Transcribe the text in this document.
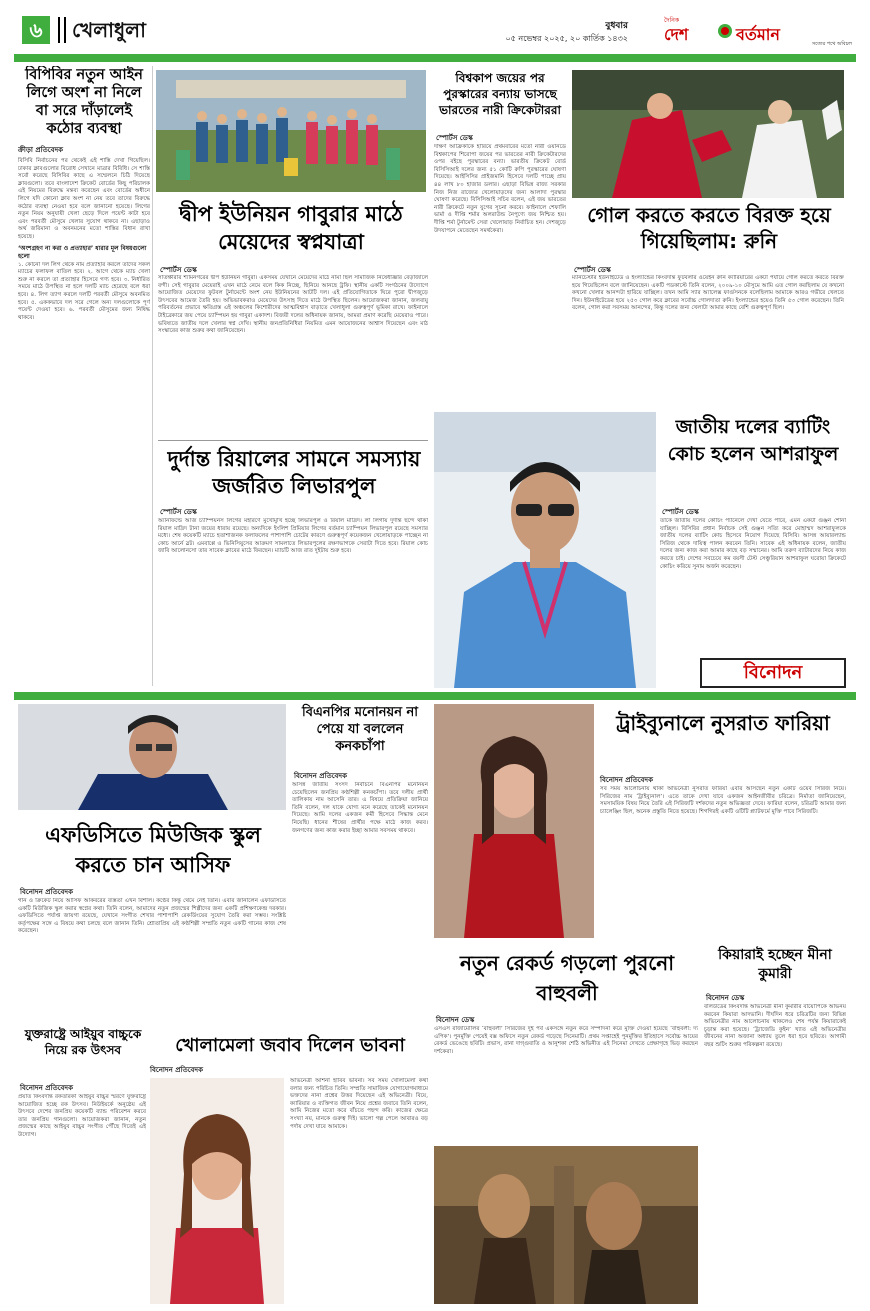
৬	খেলাধুলা	বুধবার
০৫ নভেম্বর ২০২৫, ২০ কার্তিক ১৪৩২
দৈনিক
দেশ	বর্তমান	সত্যের পথে অবিচল
বিপিবির নতুন আইন লিগে অংশ না নিলে বা সরে দাঁড়ালেই কঠোর ব্যবস্থা
ক্রীড়া প্রতিবেদক
বিসিবি নির্বাচনের পর থেকেই এই শাস্তি দেখা গিয়েছিল। ঢাকার ক্লাবগুলোর বিরোধ সেখানে মাত্রার বিবিধি। সে শাস্তি সর্বো করেছে বিসিবির কাছে এ সম্মেলনে চিঠি দিয়েছে ক্লাবগুলো। তবে বাংলাদেশ ক্রিকেট বোর্ডের কিছু পরিচালক এই নিয়মের বিরুদ্ধে মন্তব্য করেছেন এবং বোর্ডের অধীনে লিগে যদি কোনো ক্লাব অংশ না নেয় তবে তাদের বিরুদ্ধে কঠোর ব্যবস্থা নেওয়া হবে বলে জানানো হয়েছে। লিগের নতুন নিয়ম অনুযায়ী খেলা ছেড়ে দিলে পয়েন্ট কাটা হবে এবং পরবর্তী মৌসুমে খেলার সুযোগ থাকবে না। এছাড়াও অর্থ জরিমানা ও অবনমনের মতো শাস্তির বিধান রাখা হয়েছে।
‘অংশগ্রহণ না করা ও প্রত্যাহার’ ধারার মূল বিষয়গুলো হলো
১. কোনো দল লিগ থেকে নাম প্রত্যাহার করলে তাদের সকল ম্যাচের ফলাফল বাতিল হবে। ২. আগে থেকে ম্যাচ খেলা শুরু না করলে তা প্রত্যাহার হিসেবে গণ্য হবে। ৩. নির্ধারিত সময়ে মাঠে উপস্থিত না হলে দলটি ম্যাচ হেরেছে বলে ধরা হবে। ৪. লিগ ত্যাগ করলে দলটি পরবর্তী মৌসুমে অবনমিত হবে। ৫. এককভাবে দল সরে গেলে অন্য দলগুলোকে পূর্ণ পয়েন্ট দেওয়া হবে। ৬. পরবর্তী মৌসুমের জন্য নিষিদ্ধ থাকবে।
দ্বীপ ইউনিয়ন গাবুরার মাঠে মেয়েদের স্বপ্নযাত্রা
স্পোর্টস ডেস্ক
সাতক্ষীরার শ্যামনগরের দ্বীপ ইউনিয়ন গাবুরা। একসময় যেখানে মেয়েদের মাঠে নামা ছিল সামাজিক নিষেধাজ্ঞার বেড়াজালে বন্দী। সেই গাবুরার মেয়েরাই এখন মাঠে নেমে বলে কিক নিচ্ছে, ছিনিয়ে আনছে ট্রফি। স্থানীয় একটি সংগঠনের উদ্যোগে আয়োজিত মেয়েদের ফুটবল টুর্নামেন্টে অংশ নেয় ইউনিয়নের আটটি দল। এই প্রতিযোগিতাকে ঘিরে পুরো দ্বীপজুড়ে উৎসবের আমেজ তৈরি হয়। অভিভাবকরাও মেয়েদের উৎসাহ দিতে মাঠে উপস্থিত ছিলেন। আয়োজকরা জানান, জলবায়ু পরিবর্তনের প্রভাবে ক্ষতিগ্রস্ত এই অঞ্চলের কিশোরীদের আত্মবিশ্বাস বাড়াতে খেলাধুলা গুরুত্বপূর্ণ ভূমিকা রাখে। ফাইনালে টাইব্রেকারে জয় পেয়ে চ্যাম্পিয়ন হয় গাবুরা একাদশ। বিজয়ী দলের অধিনায়ক জানায়, আমরা প্রমাণ করেছি মেয়েরাও পারে। ভবিষ্যতে জাতীয় দলে খেলার স্বপ্ন দেখি। স্থানীয় জনপ্রতিনিধিরা নিয়মিত এমন আয়োজনের আশ্বাস দিয়েছেন এবং মাঠ সংস্কারের কাজ শুরুর কথা জানিয়েছেন।
বিশ্বকাপ জয়ের পর পুরস্কারের বন্যায় ভাসছে ভারতের নারী ক্রিকেটাররা
স্পোর্টস ডেস্ক
দক্ষিণ আফ্রিকাকে হারিয়ে প্রথমবারের মতো নারী ওয়ানডে বিশ্বকাপের শিরোপা জয়ের পর ভারতের নারী ক্রিকেটারদের ওপর বইছে পুরস্কারের বন্যা। ভারতীয় ক্রিকেট বোর্ড বিসিসিআই দলের জন্য ৫১ কোটি রুপি পুরস্কারের ঘোষণা দিয়েছে। আইসিসির প্রাইজমানি হিসেবে দলটি পাচ্ছে প্রায় ৪৪ লাখ ৮০ হাজার ডলার। এছাড়া বিভিন্ন রাজ্য সরকার নিজ নিজ রাজ্যের খেলোয়াড়দের জন্য আলাদা পুরস্কার ঘোষণা করেছে। বিসিসিআই সচিব বলেন, এই জয় ভারতের নারী ক্রিকেটে নতুন যুগের সূচনা করবে। ফাইনালে শেফালি ভার্মা ও দীপ্তি শর্মার অলরাউন্ড নৈপুণ্যে জয় নিশ্চিত হয়। দীপ্তি শর্মা টুর্নামেন্ট সেরা খেলোয়াড় নির্বাচিত হন। দেশজুড়ে উদযাপনে মেতেছেন সমর্থকেরা।
গোল করতে করতে বিরক্ত হয়ে গিয়েছিলাম: রুনি
স্পোর্টস ডেস্ক
ম্যানচেস্টার ইউনাইটেড ও ইংল্যান্ডের কিংবদন্তি ফুটবলার ওয়েইন রুনি ক্যারিয়ারের একটা পর্যায়ে গোল করতে করতে বিরক্ত হয়ে গিয়েছিলেন বলে জানিয়েছেন। একটি পডকাস্টে তিনি বলেন, ২০০৯-১০ মৌসুমে আমি এত গোল করছিলাম যে কখনো কখনো খেলার আনন্দটা হারিয়ে যাচ্ছিল। তখন আমি স্যার অ্যালেক্স ফার্গুসনকে বলেছিলাম আমাকে আরও গভীরে খেলতে দিন। ইউনাইটেডের হয়ে ২৫৩ গোল করে ক্লাবের সর্বোচ্চ গোলদাতা রুনি। ইংল্যান্ডের হয়েও তিনি ৫৩ গোল করেছেন। তিনি বলেন, গোল করা সবসময় আনন্দের, কিন্তু দলের জন্য খেলাটা আমার কাছে বেশি গুরুত্বপূর্ণ ছিল।
দুর্দান্ত রিয়ালের সামনে সমস্যায় জর্জরিত লিভারপুল
স্পোর্টস ডেস্ক
অ্যানফিল্ডে আজ চ্যাম্পিয়নস লিগের মহারণে মুখোমুখি হচ্ছে লিভারপুল ও রিয়াল মাদ্রিদ। লা লিগায় দুর্দান্ত ছন্দে থাকা রিয়াল মাদ্রিদ টানা জয়ের ধারায় রয়েছে। অন্যদিকে ইংলিশ প্রিমিয়ার লিগের বর্তমান চ্যাম্পিয়ন লিভারপুল রয়েছে সমস্যার মধ্যে। শেষ কয়েকটি ম্যাচে হতাশাজনক ফলাফলের পাশাপাশি চোটের কারণে গুরুত্বপূর্ণ কয়েকজন খেলোয়াড়কে পাচ্ছেন না কোচ আর্নে স্লট। এমবাপ্পে ও ভিনিসিয়ুসের আক্রমণ সামলাতে লিভারপুলের রক্ষণভাগকে সেরাটা দিতে হবে। রিয়াল কোচ জাবি আলোনসো তার সাবেক ক্লাবের মাঠে ফিরছেন। ম্যাচটি আজ রাত দুইটায় শুরু হবে।
জাতীয় দলের ব্যাটিং কোচ হলেন আশরাফুল
স্পোর্টস ডেস্ক
তাকে জাতীয় দলের কোচিং প্যানেলে দেখা যেতে পারে, এমন একটা গুঞ্জন শোনা যাচ্ছিল। বিসিবির প্রধান নির্বাচক সেই গুঞ্জন সত্যি করে মোহাম্মদ আশরাফুলকে জাতীয় দলের ব্যাটিং কোচ হিসেবে নিয়োগ দিয়েছে বিসিবি। আসন্ন আয়ারল্যান্ড সিরিজ থেকে দায়িত্ব পালন করবেন তিনি। সাবেক এই অধিনায়ক বলেন, জাতীয় দলের জন্য কাজ করা আমার কাছে বড় সম্মানের। আমি তরুণ ব্যাটারদের নিয়ে কাজ করতে চাই। দেশের সবচেয়ে কম বয়সী টেস্ট সেঞ্চুরিয়ান আশরাফুল ঘরোয়া ক্রিকেটে কোচিং করিয়ে সুনাম অর্জন করেছেন।
বিনোদন
এফডিসিতে মিউজিক স্কুল করতে চান আসিফ
বিনোদন প্রতিবেদক
গান ও ক্রিকেট নিয়ে আসিফ আকবরের ব্যস্ততা এখন বিশাল। কণ্ঠের কিন্তু থেমে নেই তিনি। এবার জানালেন এফডিসিতে একটি মিউজিক স্কুল করার স্বপ্নের কথা। তিনি বলেন, আমাদের নতুন প্রজন্মের শিল্পীদের জন্য একটি প্রশিক্ষণকেন্দ্র দরকার। এফডিসিতে পর্যাপ্ত জায়গা রয়েছে, যেখানে সংগীত শেখার পাশাপাশি রেকর্ডিংয়ের সুযোগ তৈরি করা সম্ভব। সংশ্লিষ্ট কর্তৃপক্ষের সঙ্গে এ বিষয়ে কথা চলছে বলে জানান তিনি। শ্রোতাপ্রিয় এই কণ্ঠশিল্পী সম্প্রতি নতুন একটি গানের কাজ শেষ করেছেন।
বিএনপির মনোনয়ন না পেয়ে যা বললেন কনকচাঁপা
বিনোদন প্রতিবেদক
আসন্ন জাতীয় সংসদ নির্বাচনে বিএনপির মনোনয়ন চেয়েছিলেন জনপ্রিয় কণ্ঠশিল্পী কনকচাঁপা। তবে দলীয় প্রার্থী তালিকায় নাম আসেনি তার। এ বিষয়ে প্রতিক্রিয়া জানিয়ে তিনি বলেন, দল যাকে যোগ্য মনে করেছে তাকেই মনোনয়ন দিয়েছে। আমি দলের একজন কর্মী হিসেবে সিদ্ধান্ত মেনে নিয়েছি। ধানের শীষের প্রার্থীর পক্ষে মাঠে কাজ করব। জনগণের জন্য কাজ করার ইচ্ছা আমার সবসময় থাকবে।
ট্রাইব্যুনালে নুসরাত ফারিয়া
বিনোদন প্রতিবেদক
সব সময় আলোচনায় থাকা অভিনেত্রী নুসরাত ফারিয়া এবার আসছেন নতুন একটি ওয়েব সিরিজ নিয়ে। সিরিজের নাম ‘ট্রাইব্যুনাল’। এতে তাকে দেখা যাবে একজন আইনজীবীর চরিত্রে। নির্মাতা জানিয়েছেন, সমসাময়িক বিষয় নিয়ে তৈরি এই সিরিজটি দর্শকদের নতুন অভিজ্ঞতা দেবে। ফারিয়া বলেন, চরিত্রটি আমার জন্য চ্যালেঞ্জিং ছিল, অনেক প্রস্তুতি নিতে হয়েছে। শিগগিরই একটি ওটিটি প্ল্যাটফর্মে মুক্তি পাবে সিরিজটি।
নতুন রেকর্ড গড়লো পুরনো বাহুবলী
বিনোদন ডেস্ক
এসএস রাজামৌলির ‘বাহুবলী’ সিরিজের দুই পর্ব একসঙ্গে নতুন করে সম্পাদনা করে মুক্তি দেওয়া হয়েছে ‘বাহুবলী: দ্য এপিক’। পুনর্মুক্তি পেয়েই বক্স অফিসে নতুন রেকর্ড গড়েছে সিনেমাটি। প্রথম সপ্তাহেই পুনর্মুক্তির ইতিহাসে সর্বোচ্চ আয়ের রেকর্ড ভেঙেছে ছবিটি। প্রভাস, রানা দাগ্গুবাতি ও আনুশকা শেঠি অভিনীত এই সিনেমা দেখতে প্রেক্ষাগৃহে ভিড় করছেন দর্শকেরা।
কিয়ারাই হচ্ছেন মীনা কুমারী
বিনোদন ডেস্ক
বলিউডের কিংবদন্তি অভিনেত্রী মীনা কুমারীর বায়োপিকে অভিনয় করবেন কিয়ারা আদভানি। দীর্ঘদিন ধরে চরিত্রটির জন্য বিভিন্ন অভিনেত্রীর নাম আলোচনায় থাকলেও শেষ পর্যন্ত কিয়ারাকেই চূড়ান্ত করা হয়েছে। ‘ট্র্যাজেডি কুইন’ খ্যাত এই অভিনেত্রীর জীবনের নানা অজানা অধ্যায় তুলে ধরা হবে ছবিতে। আগামী বছর শুটিং শুরুর পরিকল্পনা রয়েছে।
যুক্তরাষ্ট্রে আইয়ুব বাচ্চুকে নিয়ে রক উৎসব
বিনোদন প্রতিবেদক
প্রয়াত কিংবদন্তি রকতারকা আইয়ুব বাচ্চুর স্মরণে যুক্তরাষ্ট্রে আয়োজিত হচ্ছে রক উৎসব। নিউইয়র্কে অনুষ্ঠেয় এই উৎসবে দেশের জনপ্রিয় কয়েকটি ব্যান্ড পরিবেশন করবে তার জনপ্রিয় গানগুলো। আয়োজকরা জানান, নতুন প্রজন্মের কাছে আইয়ুব বাচ্চুর সংগীত পৌঁছে দিতেই এই উদ্যোগ।
খোলামেলা জবাব দিলেন ভাবনা
বিনোদন প্রতিবেদক
অভিনেত্রী আশনা হাবিব ভাবনা। সব সময় খোলামেলা কথা বলার জন্য পরিচিত তিনি। সম্প্রতি সামাজিক যোগাযোগমাধ্যমে ভক্তদের নানা প্রশ্নের উত্তর দিয়েছেন এই অভিনেত্রী। বিয়ে, ক্যারিয়ার ও ব্যক্তিগত জীবন নিয়ে প্রশ্নের জবাবে তিনি বলেন, আমি নিজের মতো করে বাঁচতে পছন্দ করি। কাজের ক্ষেত্রে সংখ্যা নয়, মানকে গুরুত্ব দিই। ভালো গল্প পেলে আবারও বড় পর্দায় দেখা যাবে আমাকে।
